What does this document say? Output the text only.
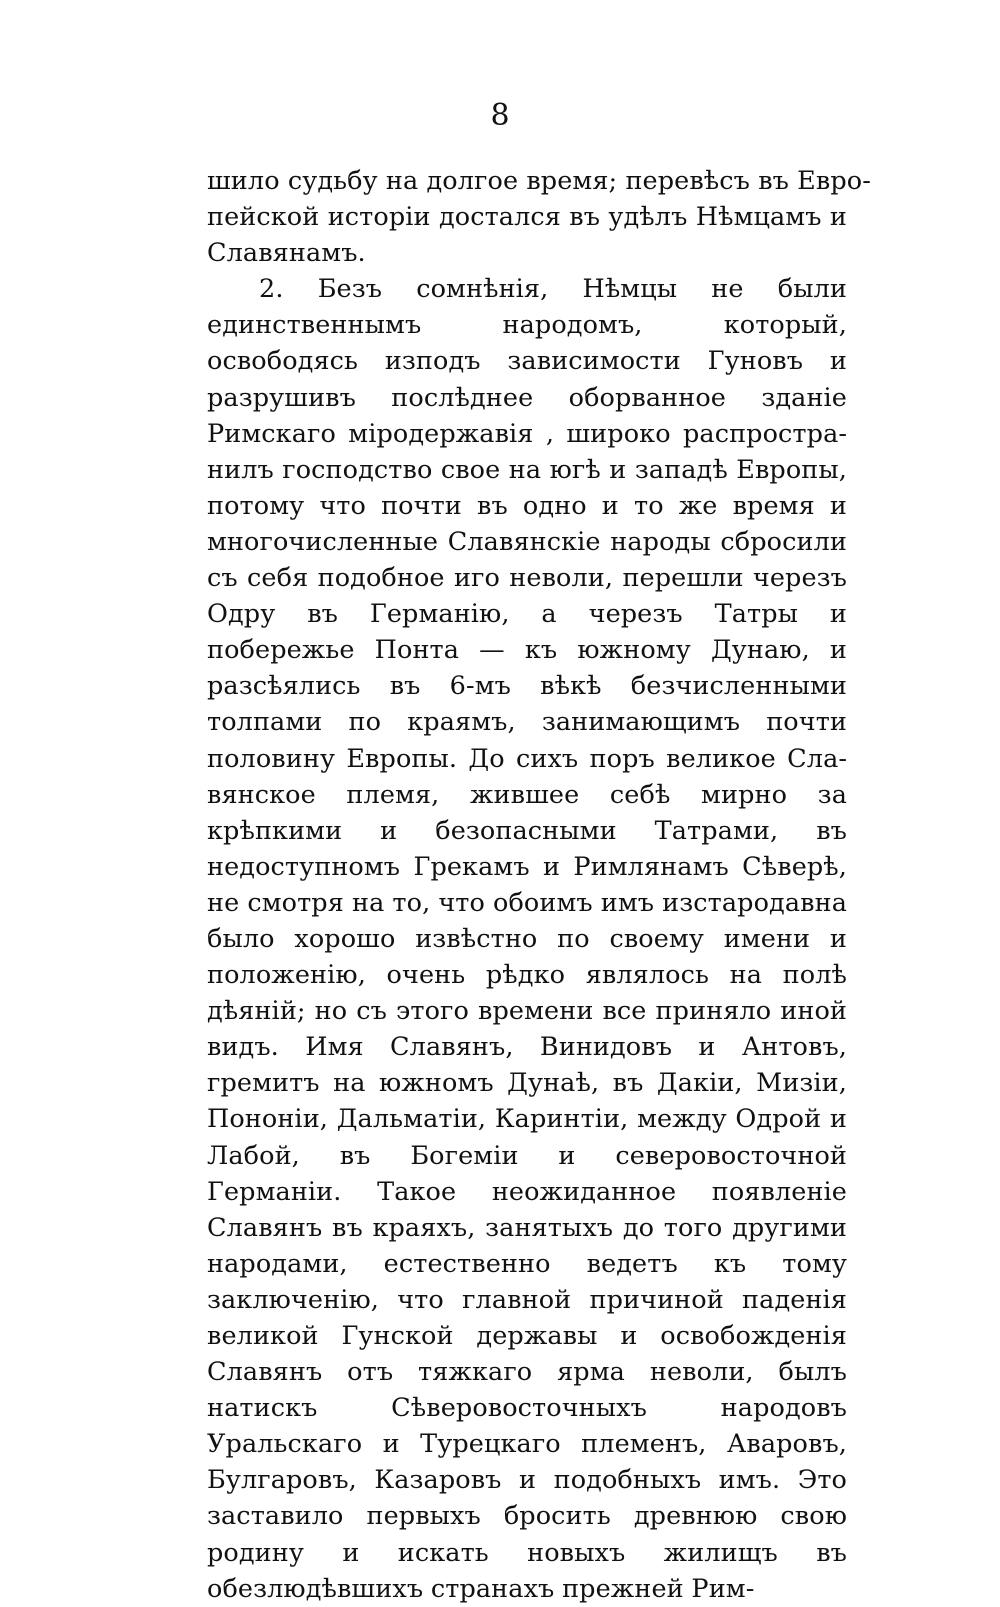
8
шило судьбу на долгое время; перевѣсъ въ Евро-
пейской исторіи достался въ удѣлъ Нѣмцамъ и
Славянамъ.
2. Безъ сомнѣнія, Нѣмцы не были единственнымъ народомъ, который, освободясь изподъ зависимости Гуновъ и разрушивъ послѣднее оборванное зданіе Римскаго міродержавія , широко распространилъ господство свое на югѣ и западѣ Европы, потому что почти въ одно и то же время и многочисленные Славянскіе народы сбросили съ себя подобное иго неволи, перешли черезъ Одру въ Германію, а черезъ Татры и побережье Понта — къ южному Дунаю, и разсѣялись въ 6-мъ вѣкѣ безчисленными толпами по краямъ, занимающимъ почти половину Европы. До сихъ поръ великое Славянское племя, жившее себѣ мирно за крѣпкими и безопасными Татрами, въ недоступномъ Грекамъ и Римлянамъ Сѣверѣ, не смотря на то, что обоимъ имъ изстародавна было хорошо извѣстно по своему имени и положенію, очень рѣдко являлось на полѣ дѣяній; но съ этого времени все приняло иной видъ. Имя Славянъ, Винидовъ и Антовъ, гремитъ на южномъ Дунаѣ, въ Дакіи, Мизіи, Пононіи, Дальматіи, Каринтіи, между Одрой и Лабой, въ Богеміи и северовосточной Германіи. Такое неожиданное появленіе Славянъ въ краяхъ, занятыхъ до того другими народами, естественно ведетъ къ тому заключенію, что главной причиной паденія великой Гунской державы и освобожденія Славянъ отъ тяжкаго ярма неволи, былъ натискъ Сѣверовосточныхъ народовъ Уральскаго и Турецкаго племенъ, Аваровъ, Булгаровъ, Казаровъ и подобныхъ имъ. Это заставило первыхъ бросить древнюю свою родину и искать новыхъ жилищъ въ обезлюдѣвшихъ странахъ прежней Рим-
